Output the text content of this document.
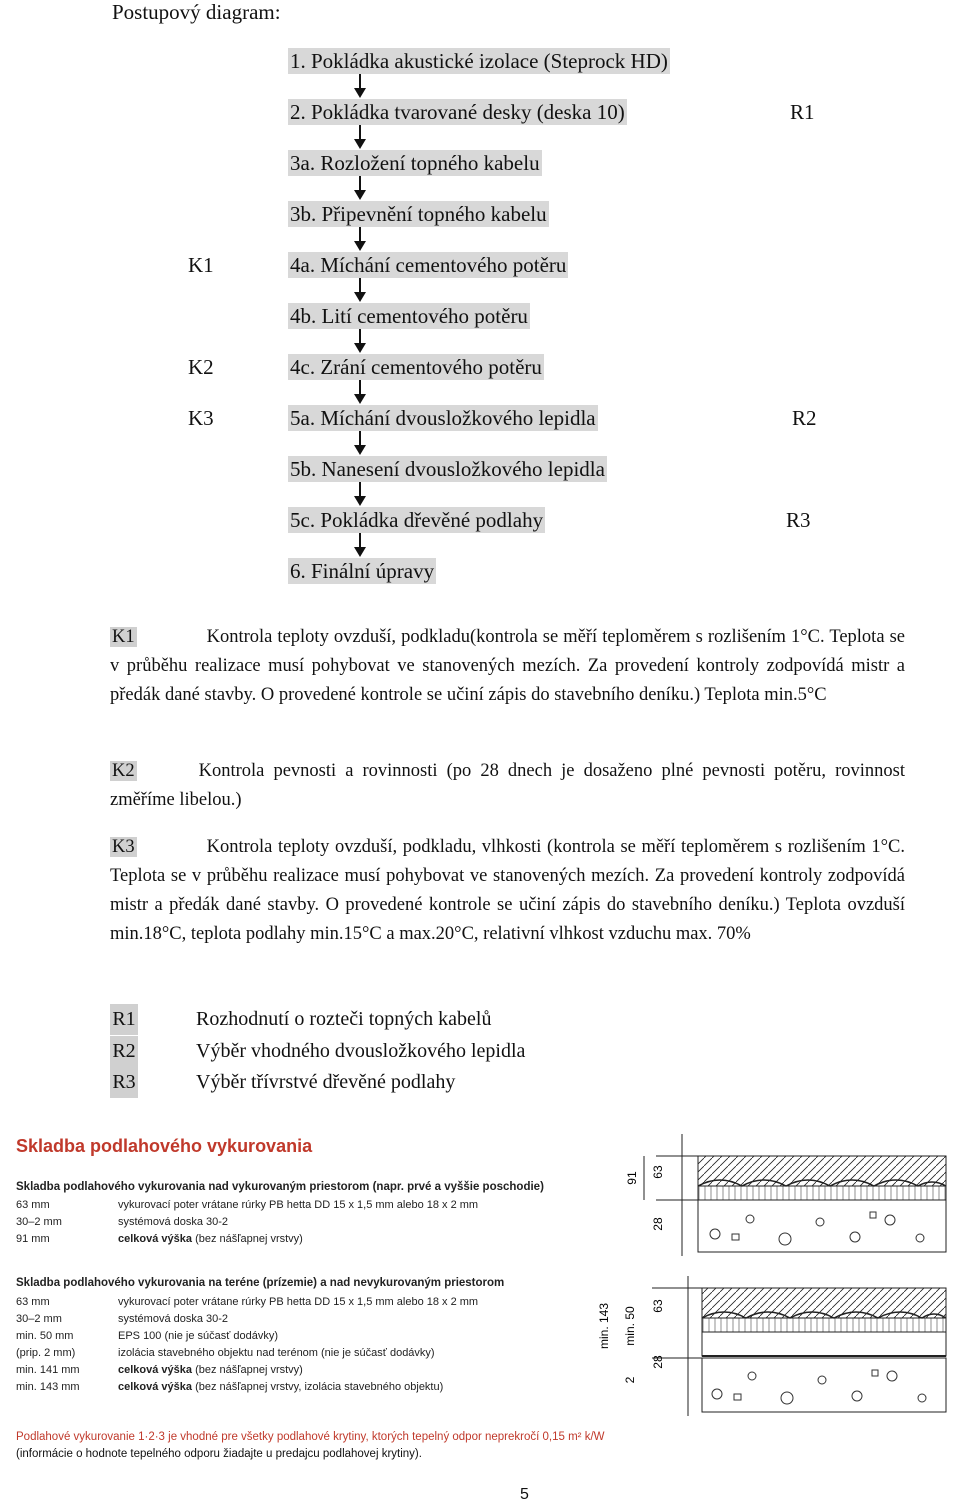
Postupový diagram:
1. Pokládka akustické izolace (Steprock HD)
2. Pokládka tvarované desky (deska 10)
3a. Rozložení topného kabelu
3b. Připevnění topného kabelu
4a. Míchání cementového potěru
4b. Lití cementového potěru
4c. Zrání cementového potěru
5a. Míchání dvousložkového lepidla
5b. Nanesení dvousložkového lepidla
5c. Pokládka dřevěné podlahy
6. Finální úpravy
K1
K2
K3
R1
R2
R3
K1	Kontrola teploty ovzduší, podkladu(kontrola se měří teploměrem s rozlišením 1°C. Teplota se v průběhu realizace musí pohybovat ve stanovených mezích. Za provedení kontroly zodpovídá mistr a předák dané stavby. O provedené kontrole se učiní zápis do stavebního deníku.) Teplota min.5°C
K2	Kontrola pevnosti a rovinnosti (po 28 dnech je dosaženo plné pevnosti potěru, rovinnost změříme libelou.)
K3	Kontrola teploty ovzduší, podkladu, vlhkosti (kontrola se měří teploměrem s rozlišením 1°C. Teplota se v průběhu realizace musí pohybovat ve stanovených mezích. Za provedení kontroly zodpovídá mistr a předák dané stavby. O provedené kontrole se učiní zápis do stavebního deníku.) Teplota ovzduší min.18°C, teplota podlahy min.15°C a max.20°C, relativní vlhkost vzduchu max. 70%
R1	Rozhodnutí o rozteči topných kabelů
R2	Výběr vhodného dvousložkového lepidla
R3	Výběr třívrstvé dřevěné podlahy
Skladba podlahového vykurovania
Skladba podlahového vykurovania nad vykurovaným priestorom (napr. prvé a vyššie poschodie)
63 mm	vykurovací poter vrátane rúrky PB hetta DD 15 x 1,5 mm alebo 18 x 2 mm
30–2 mm	systémová doska 30-2
91 mm	celková výška (bez nášľapnej vrstvy)
Skladba podlahového vykurovania na teréne (prízemie) a nad nevykurovaným priestorom
63 mm	vykurovací poter vrátane rúrky PB hetta DD 15 x 1,5 mm alebo 18 x 2 mm
30–2 mm	systémová doska 30-2
min. 50 mm	EPS 100 (nie je súčasť dodávky)
(prip. 2 mm)	izolácia stavebného objektu nad terénom (nie je súčasť dodávky)
min. 141 mm	celková výška (bez nášľapnej vrstvy)
min. 143 mm	celková výška (bez nášľapnej vrstvy, izolácia stavebného objektu)
Podlahové vykurovanie 1·2·3 je vhodné pre všetky podlahové krytiny, ktorých tepelný odpor neprekročí 0,15 m² k/W
(informácie o hodnote tepelného odporu žiadajte u predajcu podlahovej krytiny).
91 63
28
min. 143 min. 50
63
28
2
5
